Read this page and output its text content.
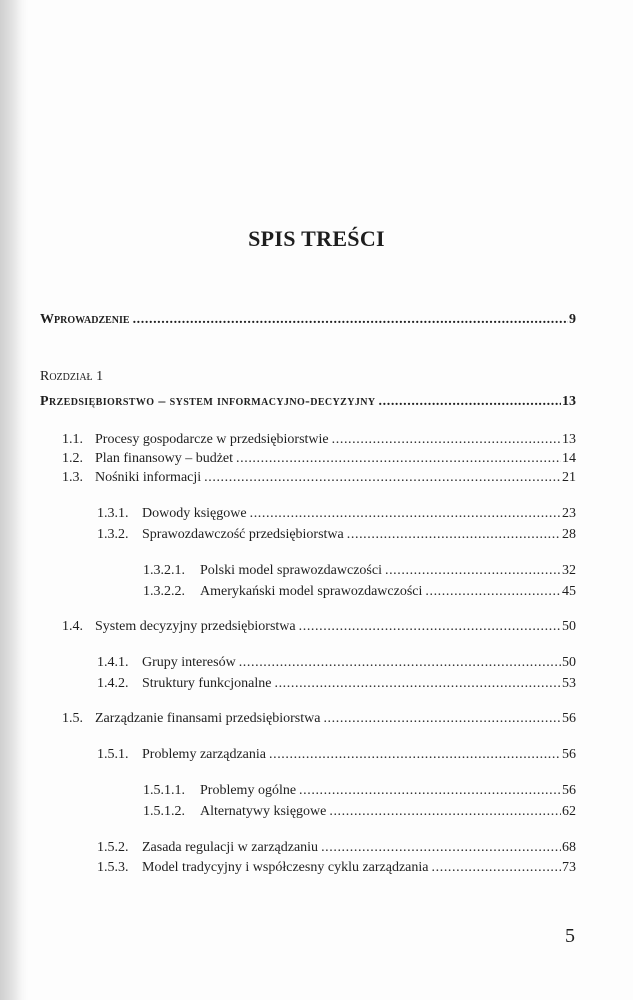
SPIS TREŚCI
Wprowadzenie .....	9
Rozdział 1
Przedsiębiorstwo – system informacyjno-decyzyjny .....	13
1.1. Procesy gospodarcze w przedsiębiorstwie .....	13
1.2. Plan finansowy – budżet .....	14
1.3. Nośniki informacji .....	21
1.3.1. Dowody księgowe .....	23
1.3.2. Sprawozdawczość przedsiębiorstwa .....	28
1.3.2.1.	Polski model sprawozdawczości .....	32
1.3.2.2.	Amerykański model sprawozdawczości .....	45
1.4. System decyzyjny przedsiębiorstwa .....	50
1.4.1. Grupy interesów .....	50
1.4.2. Struktury funkcjonalne .....	53
1.5. Zarządzanie finansami przedsiębiorstwa .....	56
1.5.1. Problemy zarządzania .....	56
1.5.1.1.	Problemy ogólne .....	56
1.5.1.2.	Alternatywy księgowe .....	62
1.5.2. Zasada regulacji w zarządzaniu .....	68
1.5.3. Model tradycyjny i współczesny cyklu zarządzania .....	73
5
